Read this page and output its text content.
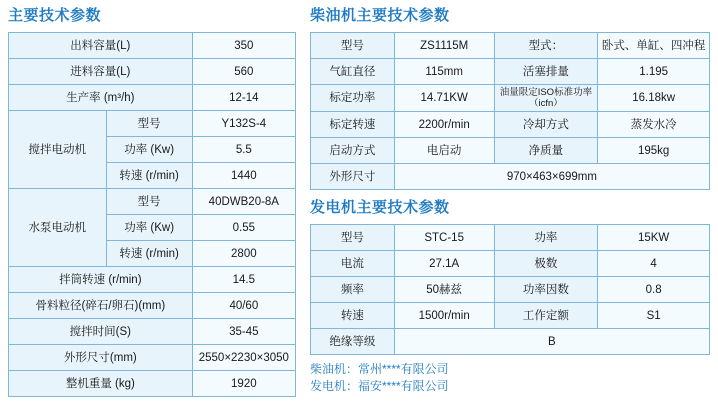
主要技术参数
出料容量(L)		350
进料容量(L)		560
生产率 (m³/h)		12-14
搅拌电动机	型号	Y132S-4
	功率 (Kw)	5.5
	转速 (r/min)	1440
水泵电动机	型号	40DWB20-8A
	功率 (Kw)	0.55
	转速 (r/min)	2800
拌筒转速 (r/min)		14.5
骨料粒径(碎石/卵石)(mm)		40/60
搅拌时间(S)		35-45
外形尺寸(mm)		2550×2230×3050
整机重量 (kg)		1920
柴油机主要技术参数
型号	ZS1115M	型式：	卧式、单缸、四冲程
气缸直径	115mm	活塞排量	1.195
标定功率	14.71KW	油量限定ISO标准功率（icfn）	16.18kw
标定转速	2200r/min	冷却方式	蒸发水冷
启动方式	电启动	净质量	195kg
外形尺寸	970×463×699mm		
发电机主要技术参数
型号	STC-15	功率	15KW
电流	27.1A	极数	4
频率	50赫兹	功率因数	0.8
转速	1500r/min	工作定额	S1
绝缘等级	B		
柴油机：常州****有限公司
发电机：福安****有限公司
